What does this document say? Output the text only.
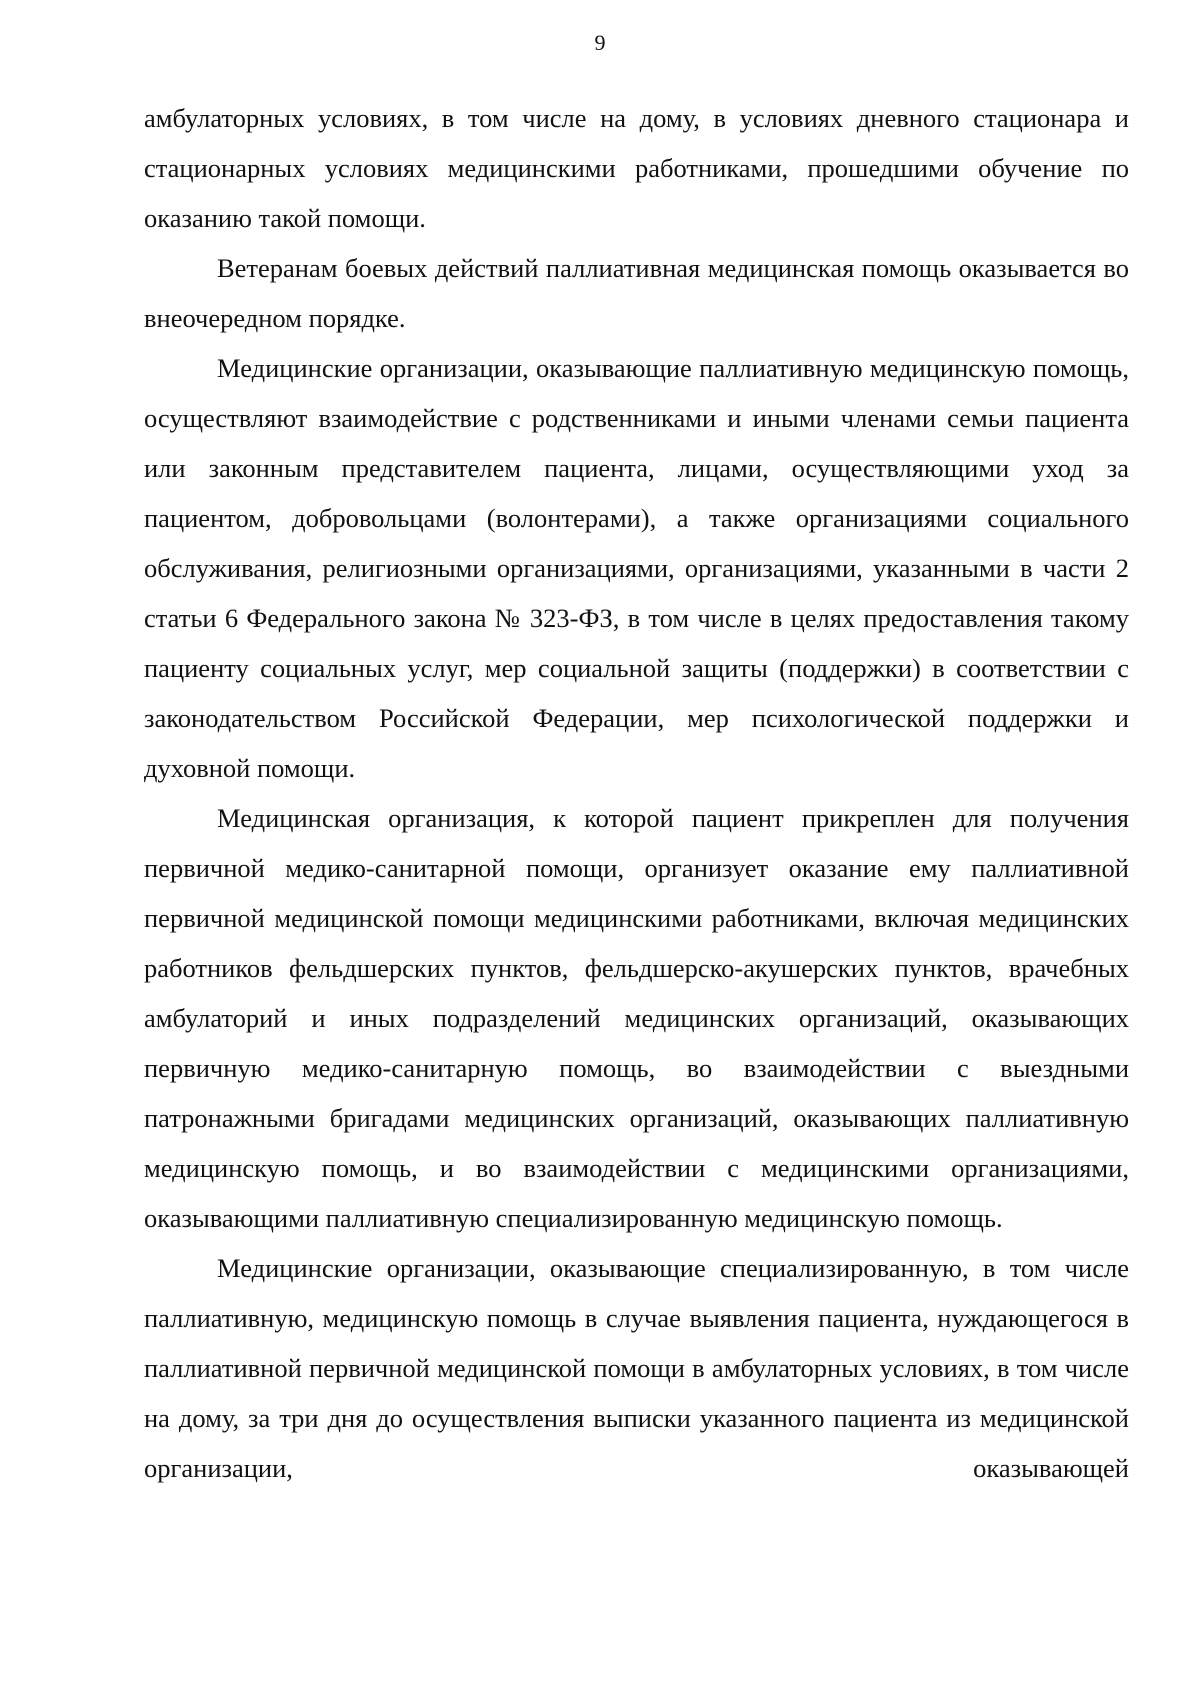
9

амбулаторных условиях, в том числе на дому, в условиях дневного стационара и стационарных условиях медицинскими работниками, прошедшими обучение по оказанию такой помощи.

Ветеранам боевых действий паллиативная медицинская помощь оказывается во внеочередном порядке.

Медицинские организации, оказывающие паллиативную медицинскую помощь, осуществляют взаимодействие с родственниками и иными членами семьи пациента или законным представителем пациента, лицами, осуществляющими уход за пациентом, добровольцами (волонтерами), а также организациями социального обслуживания, религиозными организациями, организациями, указанными в части 2 статьи 6 Федерального закона № 323-ФЗ, в том числе в целях предоставления такому пациенту социальных услуг, мер социальной защиты (поддержки) в соответствии с законодательством Российской Федерации, мер психологической поддержки и духовной помощи.

Медицинская организация, к которой пациент прикреплен для получения первичной медико-санитарной помощи, организует оказание ему паллиативной первичной медицинской помощи медицинскими работниками, включая медицинских работников фельдшерских пунктов, фельдшерско-акушерских пунктов, врачебных амбулаторий и иных подразделений медицинских организаций, оказывающих первичную медико-санитарную помощь, во взаимодействии с выездными патронажными бригадами медицинских организаций, оказывающих паллиативную медицинскую помощь, и во взаимодействии с медицинскими организациями, оказывающими паллиативную специализированную медицинскую помощь.

Медицинские организации, оказывающие специализированную, в том числе паллиативную, медицинскую помощь в случае выявления пациента, нуждающегося в паллиативной первичной медицинской помощи в амбулаторных условиях, в том числе на дому, за три дня до осуществления выписки указанного пациента из медицинской организации, оказывающей
